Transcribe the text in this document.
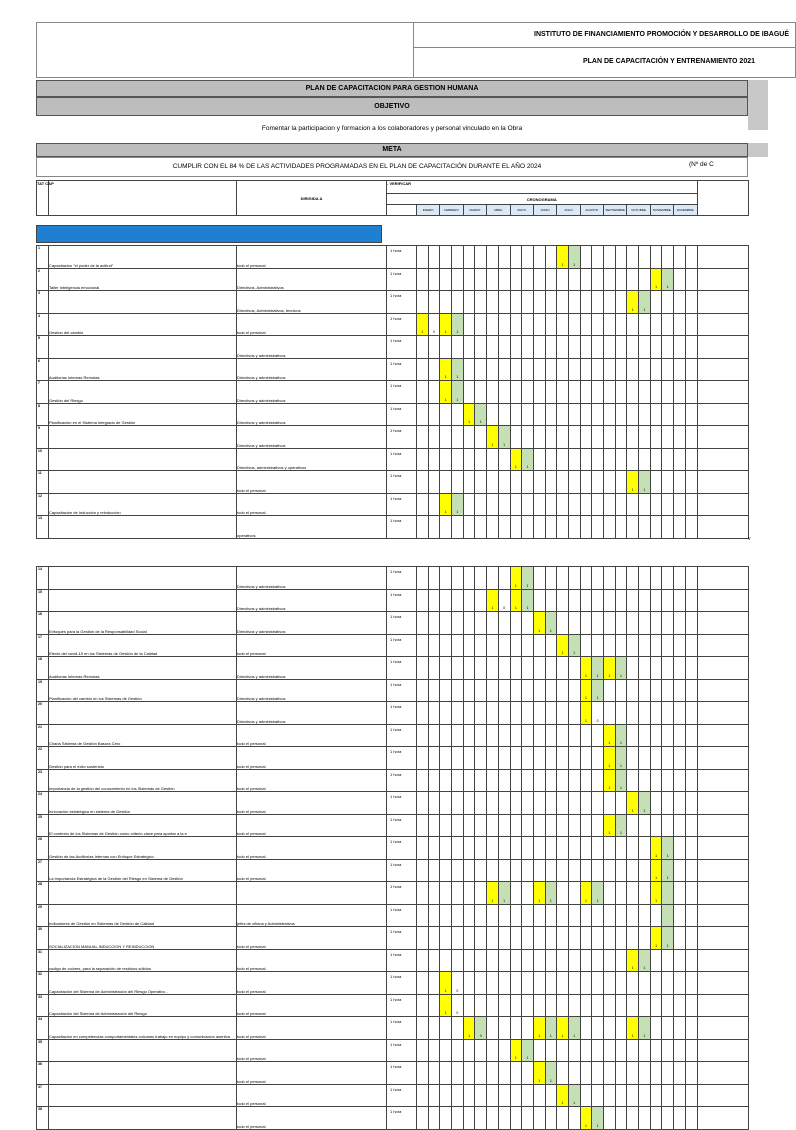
INSTITUTO DE FINANCIAMIENTO PROMOCIÓN Y DESARROLLO DE IBAGUÉ
PLAN DE CAPACITACIÓN Y ENTRENAMIENTO 2021
PLAN DE CAPACITACION PARA GESTION HUMANA
OBJETIVO
Fomentar la participacion y formacion a los colaboradores y personal vinculado en la Obra
META
CUMPLIR CON EL 84 % DE LAS ACTIVIDADES PROGRAMADAS EN EL PLAN DE CAPACITACIÓN DURANTE EL AÑO 2024	(Nº de C
TAT CAP		DIRIGIDA A	- VERIFICAR													
			CRONOGRAMA													
				ENERO	FEBRERO	MARZO	ABRIL	MAYO	JUNIO	JULIO	AGOSTO	SEPTIEMBRE	OCTUBRE	NOVIEMBRE	DICIEMBRE	
1	Capacitacion "el poder de la actitud"	todo el personal	1 hora													1	1											

2	Taller Inteligencia emocional	Directivos, Administrativos	1 hora																					1	1			

3		Directivos, Administrativos, tecnicos	1 hora																			1	1					

4	Gestion del cambio	todo el personal	1 hora	1	0	1	1																					

5		Directivos y administrativos	1 hora																									
6	Auditorias Internas Remotas	Directivos y administrativos	1 hora			1	1																					

7	Gestión del Riesgo	Directivos y administrativos	1 hora			1	1																					

8	Planificación en el Sistema Integrado de Gestión	Directivos y administrativos	1 hora					1	1																			

9		Directivos y administrativos	1 hora							1	1																	

10		Directivos, administrativos y operativos	1 hora									1	1															

11		todo el personal	1 hora																			1	1					

12	Capacitacion de Induccion y reinduccion	todo el personal	1 hora			1	1																					

13		operativos	1 hora																									
v
14		Directivos y administrativos	1 hora									1	1															

15		Directivos y administrativos	1 hora							1	0	1	1															

16	Enfoques para la Gestión de la Responsabilidad Social	Directivos y administrativos	1 hora											1	1													

17	Efecto del covid-19 en los Sistemas de Gestión de la Calidad	todo el personal	1 hora													1	1											

18	Auditorias Internas Remotas	Directivos y administrativos	1 hora															1	1	1	1							

19	Planificación del cambio en los Sistemas de Gestión	Directivos y administrativos	1 hora															1	1									

20		Directivos y administrativos	1 hora															1	0									

21	Charla Sistema de Gestión Basura Cero	todo el personal	1 hora																	1	1							

22	Gestión para el éxito sostenido	todo el personal	1 hora																	1	1							

23	Importancia de la gestión del conocimiento en los Sistemas de Gestión	todo el personal	1 hora																	1	1							

24	Innovación estratégica en sistema de Gestión	todo el personal	1 hora																			1	1					

25	El contexto de los Sistemas de Gestión como criterio clave para aportar a la e	todo el personal	1 hora																	1	1							

26	Gestión de las Auditorías Internas con Enfoque Estratégico	todo el personal	1 hora																					1	1			

27	La Importancia Estratégica de la Gestión del Riesgo en Sistema de Gestión	todo el personal	1 hora																					1	1			

28			1 hora							1	1			1	1			1	1					1				

29	Indicadores de Gestión en Sistemas de Gestión de Calidad	jefes de oficina y Administrativos	1 hora																						

30	SOCIALIZACION MANUAL INDUCCION Y REINDUCCION	todo el personal	1 hora																					1	1			

31	codigo de colores, para la separación de residuos sólidos	todo el personal	1 hora																			1	1					

32	Capacitación del Sistema de Administración del Riesgo Operativo -	todo el personal	1 hora			1	0																					

33	Capacitación del Sistema de Administración del Riesgo	todo el personal	1 hora			1	0																					

34	Capacitacion en competencias comportamentales culcuses trabajo en equipo y comunicacion asertiva	todo el personal	1 hora					1	0					1	1	1	1					1	1					

35		todo el personal	1 hora									1	1															

36		todo el personal	1 hora											1	1													

37		todo el personal	1 hora													1	1											

38		todo el personal	1 hora															1	1									
